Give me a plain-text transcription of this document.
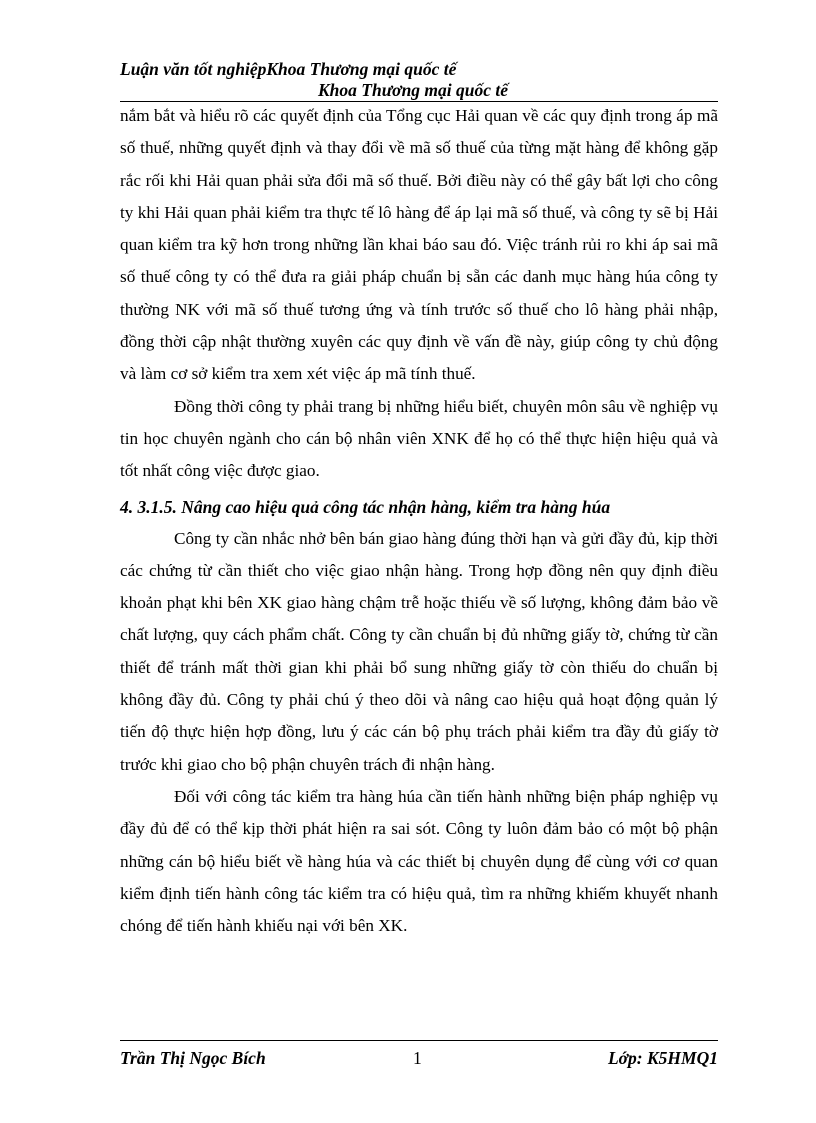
Luận văn tốt nghiệpKhoa Thương mại quốc tế
Khoa Thương mại quốc tế

nắm bắt và hiểu rõ các quyết định của Tổng cục Hải quan về các quy định trong áp mã số thuế, những quyết định và thay đổi về mã số thuế của từng mặt hàng để không gặp rắc rối khi Hải quan phải sửa đổi mã số thuế. Bởi điều này có thể gây bất lợi cho công ty khi Hải quan phải kiểm tra thực tế lô hàng để áp lại mã số thuế, và công ty sẽ bị Hải quan kiểm tra kỹ hơn trong những lần khai báo sau đó. Việc tránh rủi ro khi áp sai mã số thuế công ty có thể đưa ra giải pháp chuẩn bị sẵn các danh mục hàng húa công ty thường NK với mã số thuế tương ứng và tính trước số thuế cho lô hàng phải nhập, đồng thời cập nhật thường xuyên các quy định về vấn đề này, giúp công ty chủ động và làm cơ sở kiểm tra xem xét việc áp mã tính thuế.

Đồng thời công ty phải trang bị những hiểu biết, chuyên môn sâu về nghiệp vụ tin học chuyên ngành cho cán bộ nhân viên XNK để họ có thể thực hiện hiệu quả và tốt nhất công việc được giao.

4. 3.1.5. Nâng cao hiệu quả công tác nhận hàng, kiểm tra hàng húa

Công ty cần nhắc nhở bên bán giao hàng đúng thời hạn và gửi đầy đủ, kịp thời các chứng từ cần thiết cho việc giao nhận hàng. Trong hợp đồng nên quy định điều khoản phạt khi bên XK giao hàng chậm trễ hoặc thiếu về số lượng, không đảm bảo về chất lượng, quy cách phẩm chất. Công ty cần chuẩn bị đủ những giấy tờ, chứng từ cần thiết để tránh mất thời gian khi phải bổ sung những giấy tờ còn thiếu do chuẩn bị không đầy đủ. Công ty phải chú ý theo dõi và nâng cao hiệu quả hoạt động quản lý tiến độ thực hiện hợp đồng, lưu ý các cán bộ phụ trách phải kiểm tra đầy đủ giấy tờ trước khi giao cho bộ phận chuyên trách đi nhận hàng.

Đối với công tác kiểm tra hàng húa cần tiến hành những biện pháp nghiệp vụ đầy đủ để có thể kịp thời phát hiện ra sai sót. Công ty luôn đảm bảo có một bộ phận những cán bộ hiểu biết về hàng húa và các thiết bị chuyên dụng để cùng với cơ quan kiểm định tiến hành công tác kiểm tra có hiệu quả, tìm ra những khiếm khuyết nhanh chóng để tiến hành khiếu nại với bên XK.

Trần Thị Ngọc Bích	1	Lớp: K5HMQ1
